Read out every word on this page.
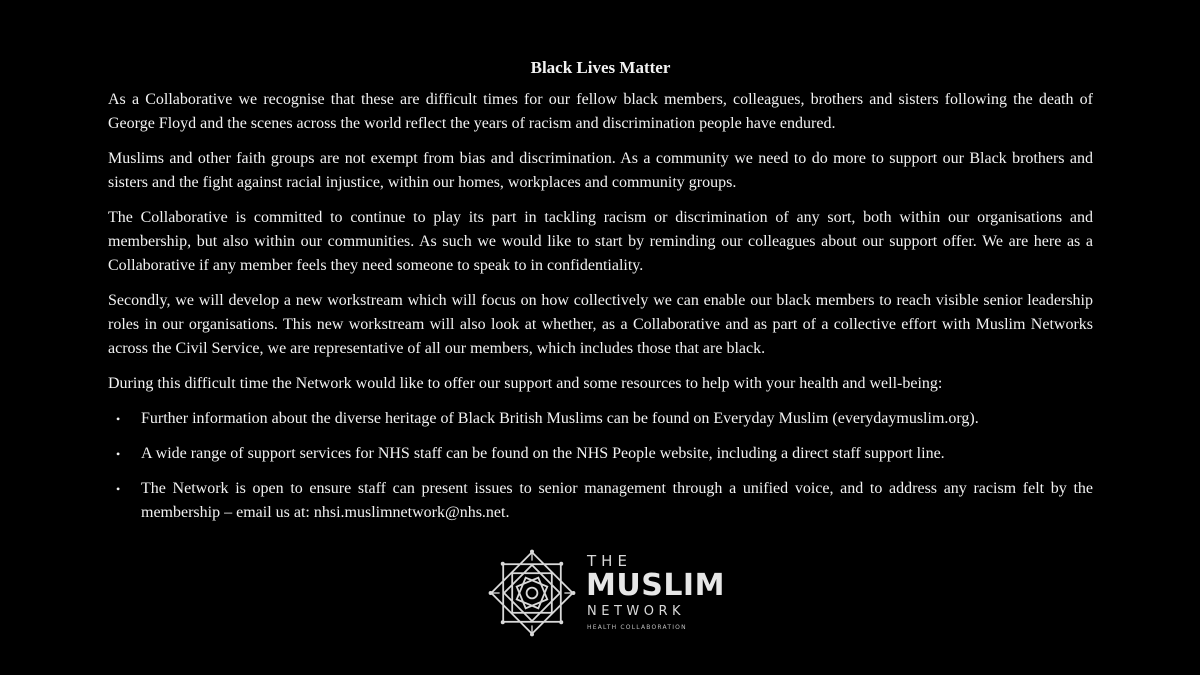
Black Lives Matter

As a Collaborative we recognise that these are difficult times for our fellow black members, colleagues, brothers and sisters following the death of George Floyd and the scenes across the world reflect the years of racism and discrimination people have endured.

Muslims and other faith groups are not exempt from bias and discrimination. As a community we need to do more to support our Black brothers and sisters and the fight against racial injustice, within our homes, workplaces and community groups.

The Collaborative is committed to continue to play its part in tackling racism or discrimination of any sort, both within our organisations and membership, but also within our communities. As such we would like to start by reminding our colleagues about our support offer. We are here as a Collaborative if any member feels they need someone to speak to in confidentiality.

Secondly, we will develop a new workstream which will focus on how collectively we can enable our black members to reach visible senior leadership roles in our organisations. This new workstream will also look at whether, as a Collaborative and as part of a collective effort with Muslim Networks across the Civil Service, we are representative of all our members, which includes those that are black.

During this difficult time the Network would like to offer our support and some resources to help with your health and well-being:

• Further information about the diverse heritage of Black British Muslims can be found on Everyday Muslim (everydaymuslim.org).
• A wide range of support services for NHS staff can be found on the NHS People website, including a direct staff support line.
• The Network is open to ensure staff can present issues to senior management through a unified voice, and to address any racism felt by the membership – email us at: nhsi.muslimnetwork@nhs.net.
THE
MUSLIM
NETWORK
HEALTH COLLABORATION
